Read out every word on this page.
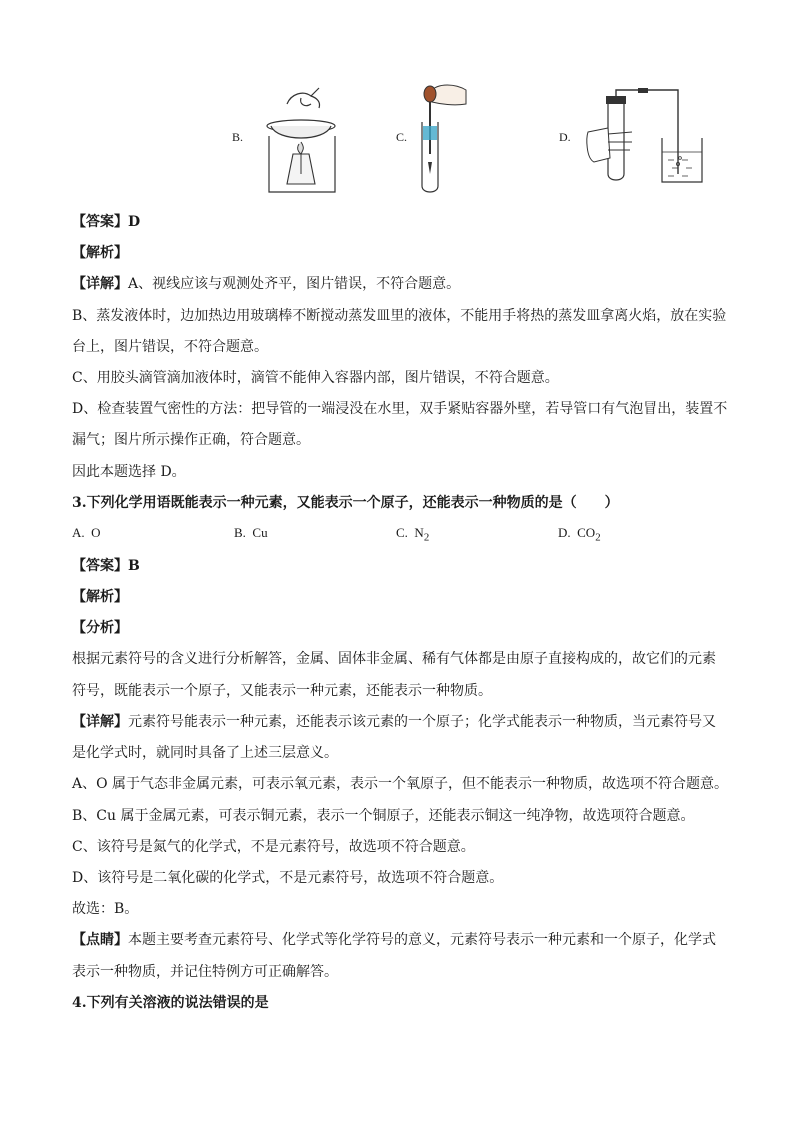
B.	C.	D.
【答案】D
【解析】
【详解】A、视线应该与观测处齐平，图片错误，不符合题意。
B、蒸发液体时，边加热边用玻璃棒不断搅动蒸发皿里的液体，不能用手将热的蒸发皿拿离火焰，放在实验
台上，图片错误，不符合题意。
C、用胶头滴管滴加液体时，滴管不能伸入容器内部，图片错误，不符合题意。
D、检查装置气密性的方法：把导管的一端浸没在水里，双手紧贴容器外壁，若导管口有气泡冒出，装置不
漏气；图片所示操作正确，符合题意。
因此本题选择 D。
3.下列化学用语既能表示一种元素，又能表示一个原子，还能表示一种物质的是（　　）
A. O	B. Cu	C. $N_2$	D. $CO_2$
【答案】B
【解析】
【分析】
根据元素符号的含义进行分析解答，金属、固体非金属、稀有气体都是由原子直接构成的，故它们的元素
符号，既能表示一个原子，又能表示一种元素，还能表示一种物质。
【详解】元素符号能表示一种元素，还能表示该元素的一个原子；化学式能表示一种物质，当元素符号又
是化学式时，就同时具备了上述三层意义。
A、O 属于气态非金属元素，可表示氧元素，表示一个氧原子，但不能表示一种物质，故选项不符合题意。
B、Cu 属于金属元素，可表示铜元素，表示一个铜原子，还能表示铜这一纯净物，故选项符合题意。
C、该符号是氮气的化学式，不是元素符号，故选项不符合题意。
D、该符号是二氧化碳的化学式，不是元素符号，故选项不符合题意。
故选：B。
【点睛】本题主要考查元素符号、化学式等化学符号的意义，元素符号表示一种元素和一个原子，化学式
表示一种物质，并记住特例方可正确解答。
4.下列有关溶液的说法错误的是
